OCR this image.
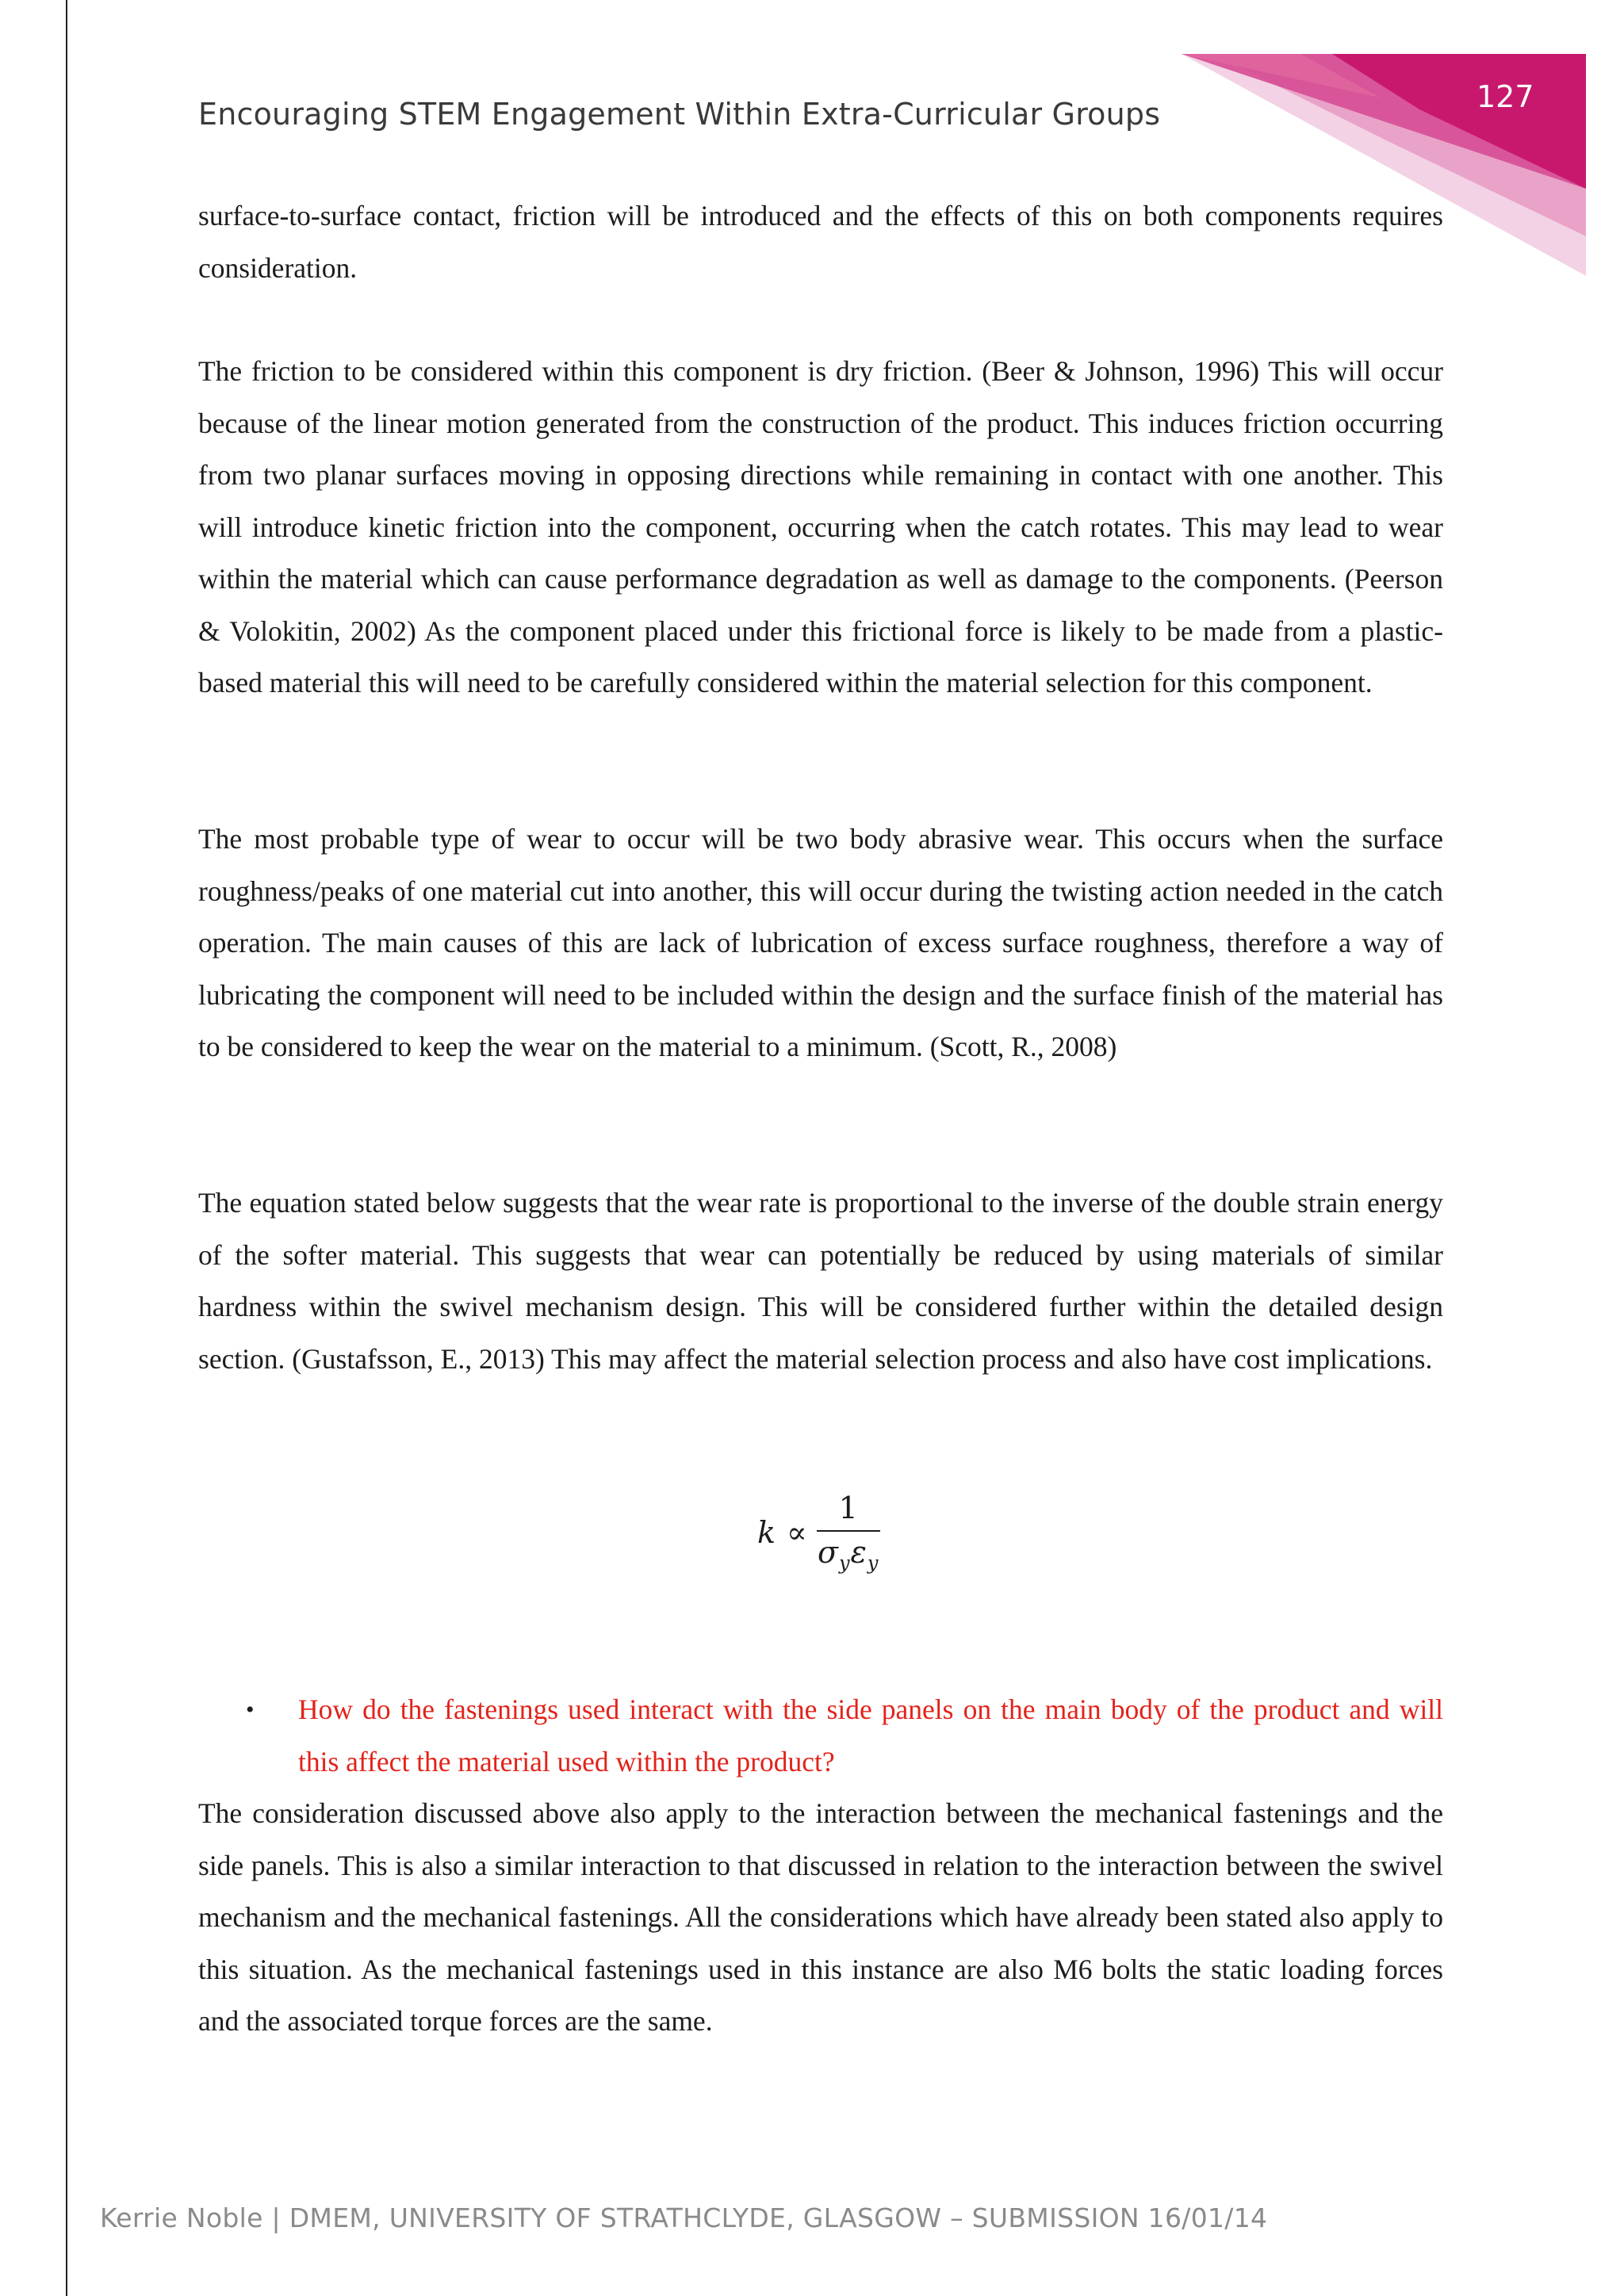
Encouraging STEM Engagement Within Extra-Curricular Groups	127

surface-to-surface contact, friction will be introduced and the effects of this on both components requires consideration.

The friction to be considered within this component is dry friction. (Beer & Johnson, 1996) This will occur because of the linear motion generated from the construction of the product. This induces friction occurring from two planar surfaces moving in opposing directions while remaining in contact with one another. This will introduce kinetic friction into the component, occurring when the catch rotates. This may lead to wear within the material which can cause performance degradation as well as damage to the components. (Peerson & Volokitin, 2002) As the component placed under this frictional force is likely to be made from a plastic-based material this will need to be carefully considered within the material selection for this component.

The most probable type of wear to occur will be two body abrasive wear. This occurs when the surface roughness/peaks of one material cut into another, this will occur during the twisting action needed in the catch operation. The main causes of this are lack of lubrication of excess surface roughness, therefore a way of lubricating the component will need to be included within the design and the surface finish of the material has to be considered to keep the wear on the material to a minimum. (Scott, R., 2008)

The equation stated below suggests that the wear rate is proportional to the inverse of the double strain energy of the softer material. This suggests that wear can potentially be reduced by using materials of similar hardness within the swivel mechanism design. This will be considered further within the detailed design section. (Gustafsson, E., 2013) This may affect the material selection process and also have cost implications.

$k \propto \frac{1}{\sigma_y\varepsilon_y}$
•	How do the fastenings used interact with the side panels on the main body of the product and will this affect the material used within the product?

The consideration discussed above also apply to the interaction between the mechanical fastenings and the side panels. This is also a similar interaction to that discussed in relation to the interaction between the swivel mechanism and the mechanical fastenings. All the considerations which have already been stated also apply to this situation. As the mechanical fastenings used in this instance are also M6 bolts the static loading forces and the associated torque forces are the same.

Kerrie Noble | DMEM, UNIVERSITY OF STRATHCLYDE, GLASGOW – SUBMISSION 16/01/14
